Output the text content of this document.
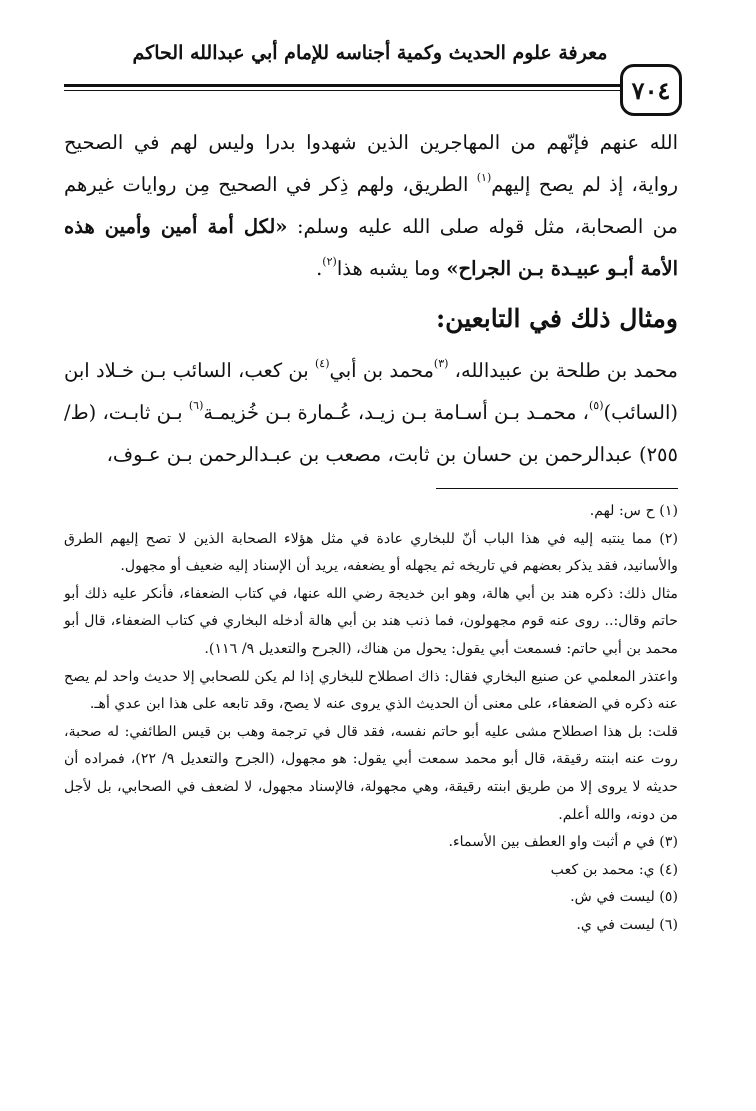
معرفة علوم الحديث وكمية أجناسه للإمام أبي عبدالله الحاكم
٧٠٤

الله عنهم فإنّهم من المهاجرين الذين شهدوا بدرا وليس لهم في الصحيح رواية، إذ لم يصح إليهم$^{(١)}$ الطريق، ولهم ذِكر في الصحيح مِن روايات غيرهم من الصحابة، مثل قوله صلى الله عليه وسلم: «لكل أمة أمين وأمين هذه الأمة أبـو عبيـدة بـن الجراح» وما يشبه هذا$^{(٢)}$.

ومثال ذلك في التابعين:

محمد بن طلحة بن عبيدالله، $^{(٣)}$محمد بن أبي$^{(٤)}$ بن كعب، السائب بـن خـلاد ابن (السائب)$^{(٥)}$، محمـد بـن أسـامة بـن زيـد، عُـمارة بـن خُزيمـة$^{(٦)}$ بـن ثابـت، (ط/ ٢٥٥) عبدالرحمن بن حسان بن ثابت، مصعب بن عبـدالرحمن بـن عـوف،

(١) ح س: لهم.

(٢) مما ينتبه إليه في هذا الباب أنّ للبخاري عادة في مثل هؤلاء الصحابة الذين لا تصح إليهم الطرق والأسانيد، فقد يذكر بعضهم في تاريخه ثم يجهله أو يضعفه، يريد أن الإسناد إليه ضعيف أو مجهول.

مثال ذلك: ذكره هند بن أبي هالة، وهو ابن خديجة رضي الله عنها، في كتاب الضعفاء، فأنكر عليه ذلك أبو حاتم وقال:.. روى عنه قوم مجهولون، فما ذنب هند بن أبي هالة أدخله البخاري في كتاب الضعفاء، قال أبو محمد بن أبي حاتم: فسمعت أبي يقول: يحول من هناك، (الجرح والتعديل ٩/ ١١٦).

واعتذر المعلمي عن صنيع البخاري فقال: ذاك اصطلاح للبخاري إذا لم يكن للصحابي إلا حديث واحد لم يصح عنه ذكره في الضعفاء، على معنى أن الحديث الذي يروى عنه لا يصح، وقد تابعه على هذا ابن عدي أهـ.

قلت: بل هذا اصطلاح مشى عليه أبو حاتم نفسه، فقد قال في ترجمة وهب بن قيس الطائفي: له صحبة، روت عنه ابنته رقيقة، قال أبو محمد سمعت أبي يقول: هو مجهول، (الجرح والتعديل ٩/ ٢٢)، فمراده أن حديثه لا يروى إلا من طريق ابنته رقيقة، وهي مجهولة، فالإسناد مجهول، لا لضعف في الصحابي، بل لأجل من دونه، والله أعلم.

(٣) في م أثبت واو العطف بين الأسماء.

(٤) ي: محمد بن كعب

(٥) ليست في ش.

(٦) ليست في ي.
